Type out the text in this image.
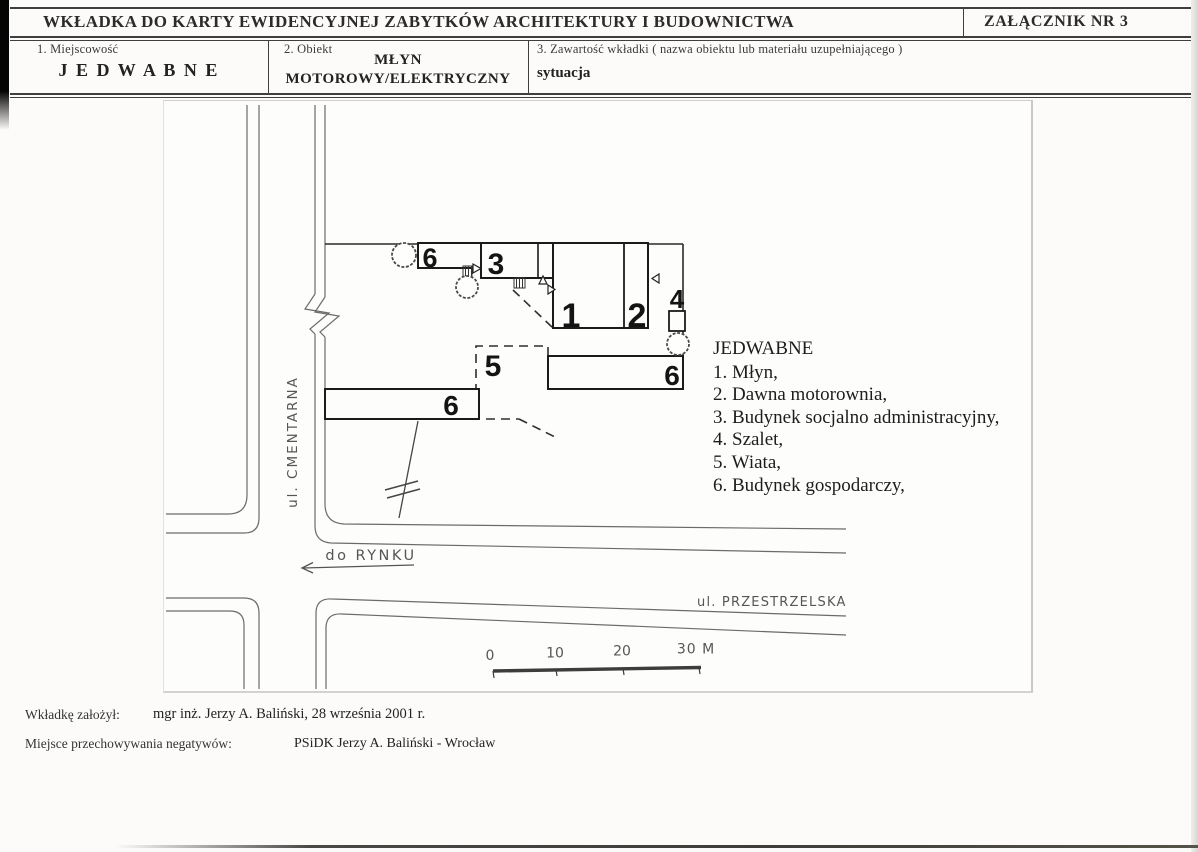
WKŁADKA DO KARTY EWIDENCYJNEJ ZABYTKÓW ARCHITEKTURY I BUDOWNICTWA	ZAŁĄCZNIK NR 3
1. Miejscowość
J E D W A B N E
2. Obiekt
MŁYN
MOTOROWY/ELEKTRYCZNY
3. Zawartość wkładki ( nazwa obiektu lub materiału uzupełniającego )
sytuacja
6 3
1 2 4
5
6
6
ul. CMENTARNA
ul. PRZESTRZELSKA
do RYNKU
0	10	20	30 M
JEDWABNE
1. Młyn,
2. Dawna motorownia,
3. Budynek socjalno administracyjny,
4. Szalet,
5. Wiata,
6. Budynek gospodarczy,
Wkładkę założył: mgr inż. Jerzy A. Baliński, 28 września 2001 r.
Miejsce przechowywania negatywów:	PSiDK Jerzy A. Baliński - Wrocław
